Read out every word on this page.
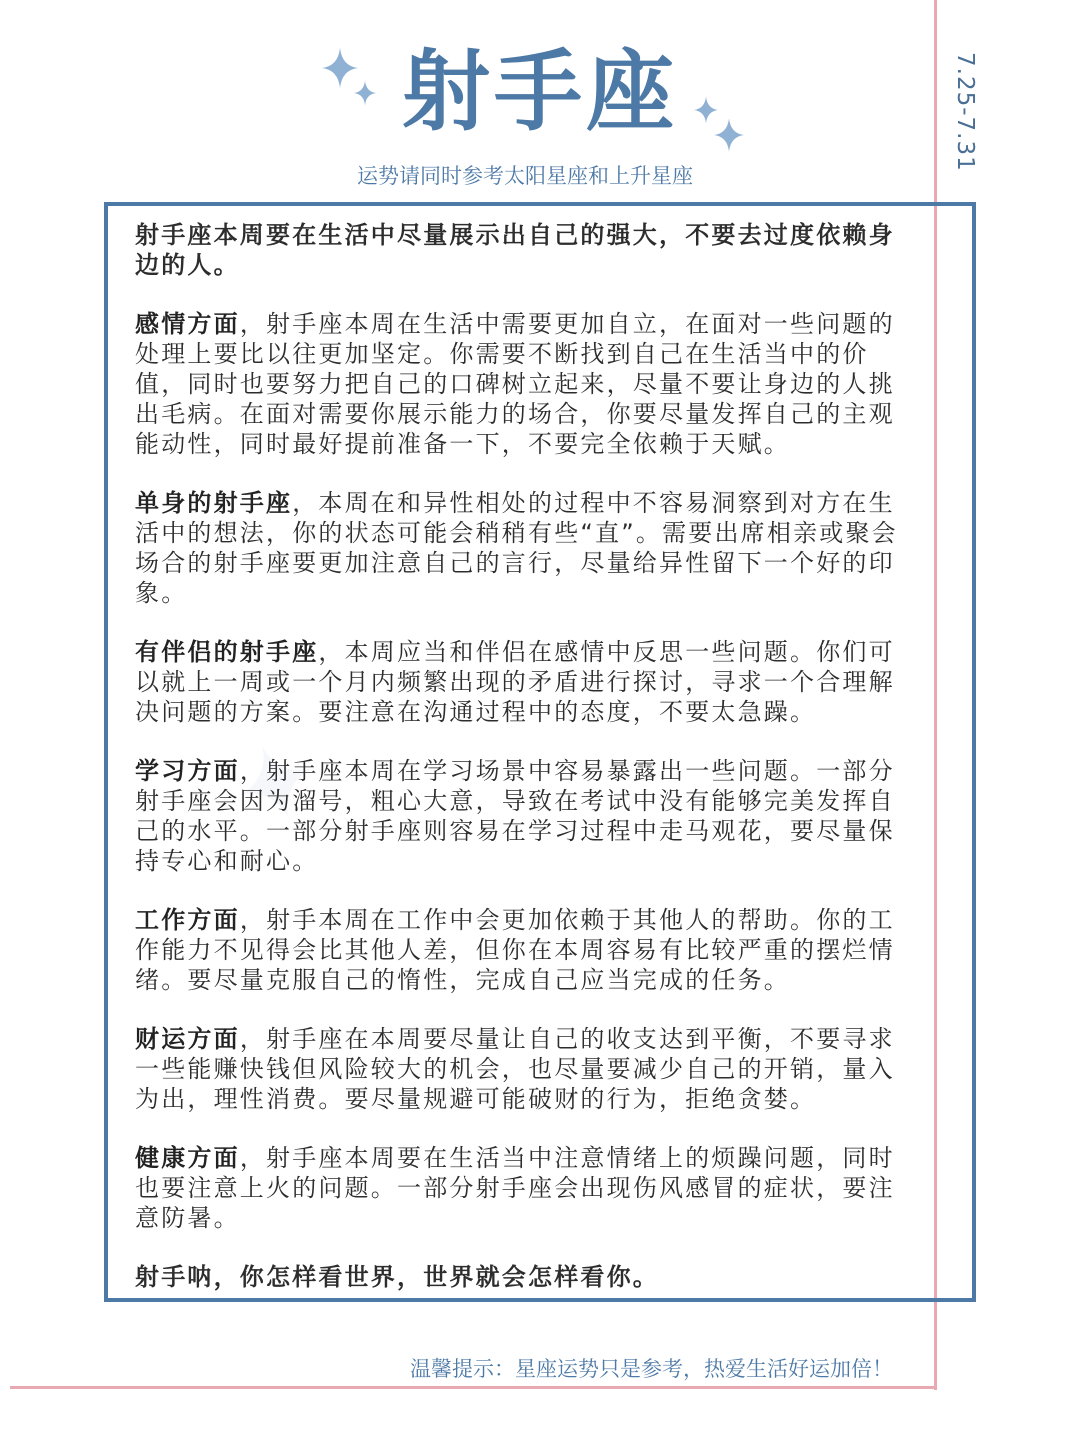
7.25-7.31
射手座
运势请同时参考太阳星座和上升星座
✦

射手座本周要在生活中尽量展示出自己的强大，不要去过度依赖身边的人。

感情方面，射手座本周在生活中需要更加自立，在面对一些问题的处理上要比以往更加坚定。你需要不断找到自己在生活当中的价值，同时也要努力把自己的口碑树立起来，尽量不要让身边的人挑出毛病。在面对需要你展示能力的场合，你要尽量发挥自己的主观能动性，同时最好提前准备一下，不要完全依赖于天赋。

单身的射手座，本周在和异性相处的过程中不容易洞察到对方在生活中的想法，你的状态可能会稍稍有些“直”。需要出席相亲或聚会场合的射手座要更加注意自己的言行，尽量给异性留下一个好的印象。

有伴侣的射手座，本周应当和伴侣在感情中反思一些问题。你们可以就上一周或一个月内频繁出现的矛盾进行探讨，寻求一个合理解决问题的方案。要注意在沟通过程中的态度，不要太急躁。

学习方面，射手座本周在学习场景中容易暴露出一些问题。一部分射手座会因为溜号，粗心大意，导致在考试中没有能够完美发挥自己的水平。一部分射手座则容易在学习过程中走马观花，要尽量保持专心和耐心。

工作方面，射手本周在工作中会更加依赖于其他人的帮助。你的工作能力不见得会比其他人差，但你在本周容易有比较严重的摆烂情绪。要尽量克服自己的惰性，完成自己应当完成的任务。

财运方面，射手座在本周要尽量让自己的收支达到平衡，不要寻求一些能赚快钱但风险较大的机会，也尽量要减少自己的开销，量入为出，理性消费。要尽量规避可能破财的行为，拒绝贪婪。

健康方面，射手座本周要在生活当中注意情绪上的烦躁问题，同时也要注意上火的问题。一部分射手座会出现伤风感冒的症状，要注意防暑。

射手呐，你怎样看世界，世界就会怎样看你。

温馨提示：星座运势只是参考，热爱生活好运加倍！
